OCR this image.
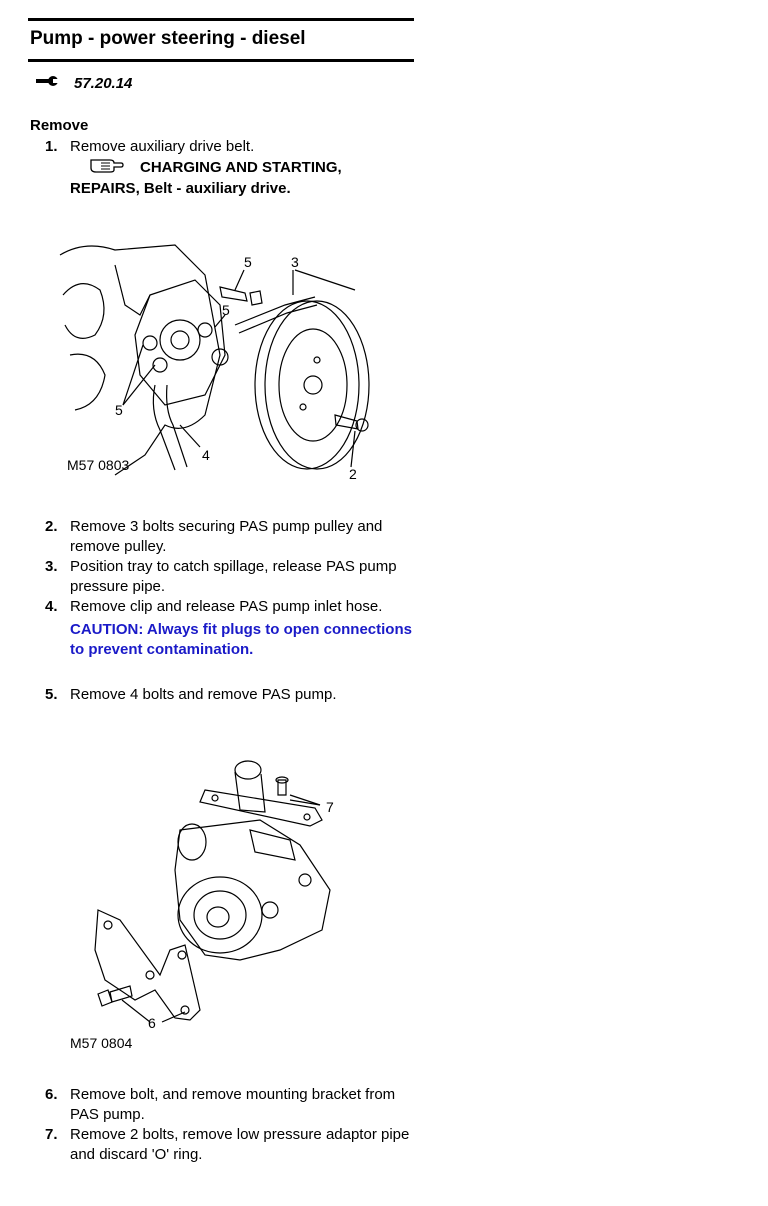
Pump - power steering - diesel
57.20.14
Remove
1. Remove auxiliary drive belt.
CHARGING AND STARTING,
REPAIRS, Belt - auxiliary drive.
5	3
5
5
4
2
M57 0803
2. Remove 3 bolts securing PAS pump pulley and remove pulley.
3. Position tray to catch spillage, release PAS pump pressure pipe.
4. Remove clip and release PAS pump inlet hose.
CAUTION: Always fit plugs to open connections to prevent contamination.
5. Remove 4 bolts and remove PAS pump.
7
6
M57 0804
6. Remove bolt, and remove mounting bracket from PAS pump.
7. Remove 2 bolts, remove low pressure adaptor pipe and discard 'O' ring.
